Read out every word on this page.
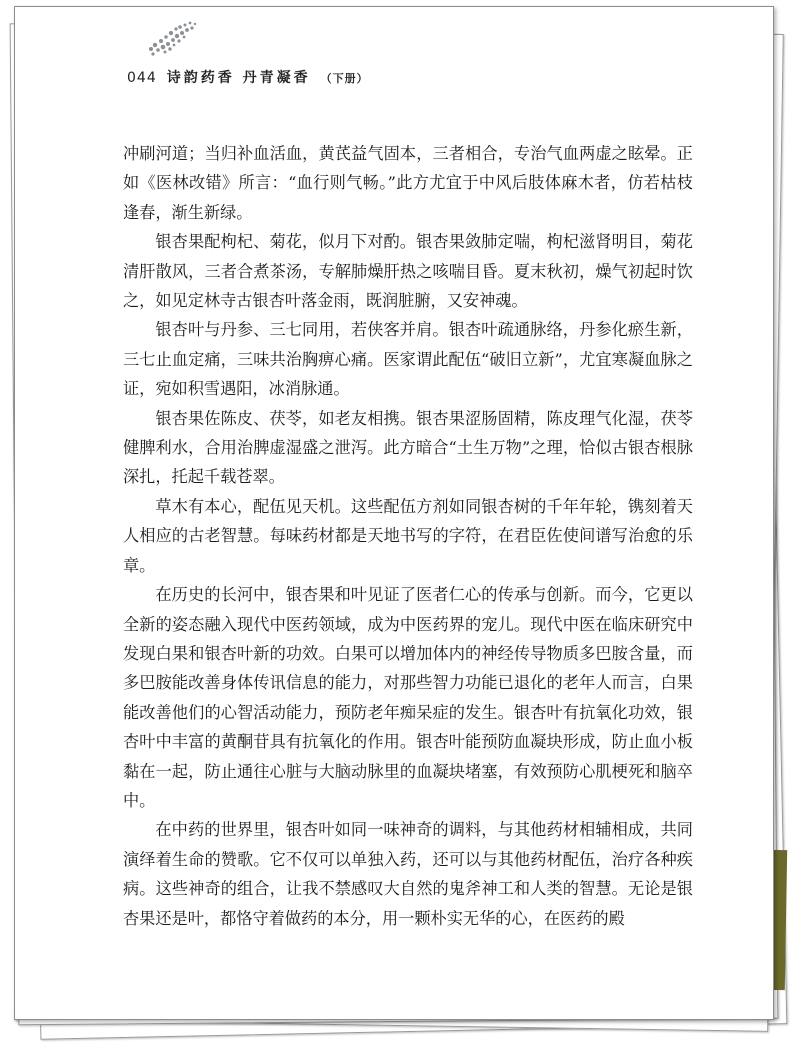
044 诗韵药香 丹青凝香 （下册）

冲刷河道；当归补血活血，黄芪益气固本，三者相合，专治气血两虚之眩晕。正如《医林改错》所言：“血行则气畅。”此方尤宜于中风后肢体麻木者，仿若枯枝逢春，渐生新绿。

银杏果配枸杞、菊花，似月下对酌。银杏果敛肺定喘，枸杞滋肾明目，菊花清肝散风，三者合煮茶汤，专解肺燥肝热之咳喘目昏。夏末秋初，燥气初起时饮之，如见定林寺古银杏叶落金雨，既润脏腑，又安神魂。

银杏叶与丹参、三七同用，若侠客并肩。银杏叶疏通脉络，丹参化瘀生新，三七止血定痛，三味共治胸痹心痛。医家谓此配伍“破旧立新”，尤宜寒凝血脉之证，宛如积雪遇阳，冰消脉通。

银杏果佐陈皮、茯苓，如老友相携。银杏果涩肠固精，陈皮理气化湿，茯苓健脾利水，合用治脾虚湿盛之泄泻。此方暗合“土生万物”之理，恰似古银杏根脉深扎，托起千载苍翠。

草木有本心，配伍见天机。这些配伍方剂如同银杏树的千年年轮，镌刻着天人相应的古老智慧。每味药材都是天地书写的字符，在君臣佐使间谱写治愈的乐章。

在历史的长河中，银杏果和叶见证了医者仁心的传承与创新。而今，它更以全新的姿态融入现代中医药领域，成为中医药界的宠儿。现代中医在临床研究中发现白果和银杏叶新的功效。白果可以增加体内的神经传导物质多巴胺含量，而多巴胺能改善身体传讯信息的能力，对那些智力功能已退化的老年人而言，白果能改善他们的心智活动能力，预防老年痴呆症的发生。银杏叶有抗氧化功效，银杏叶中丰富的黄酮苷具有抗氧化的作用。银杏叶能预防血凝块形成，防止血小板黏在一起，防止通往心脏与大脑动脉里的血凝块堵塞，有效预防心肌梗死和脑卒中。

在中药的世界里，银杏叶如同一味神奇的调料，与其他药材相辅相成，共同演绎着生命的赞歌。它不仅可以单独入药，还可以与其他药材配伍，治疗各种疾病。这些神奇的组合，让我不禁感叹大自然的鬼斧神工和人类的智慧。无论是银杏果还是叶，都恪守着做药的本分，用一颗朴实无华的心，在医药的殿
